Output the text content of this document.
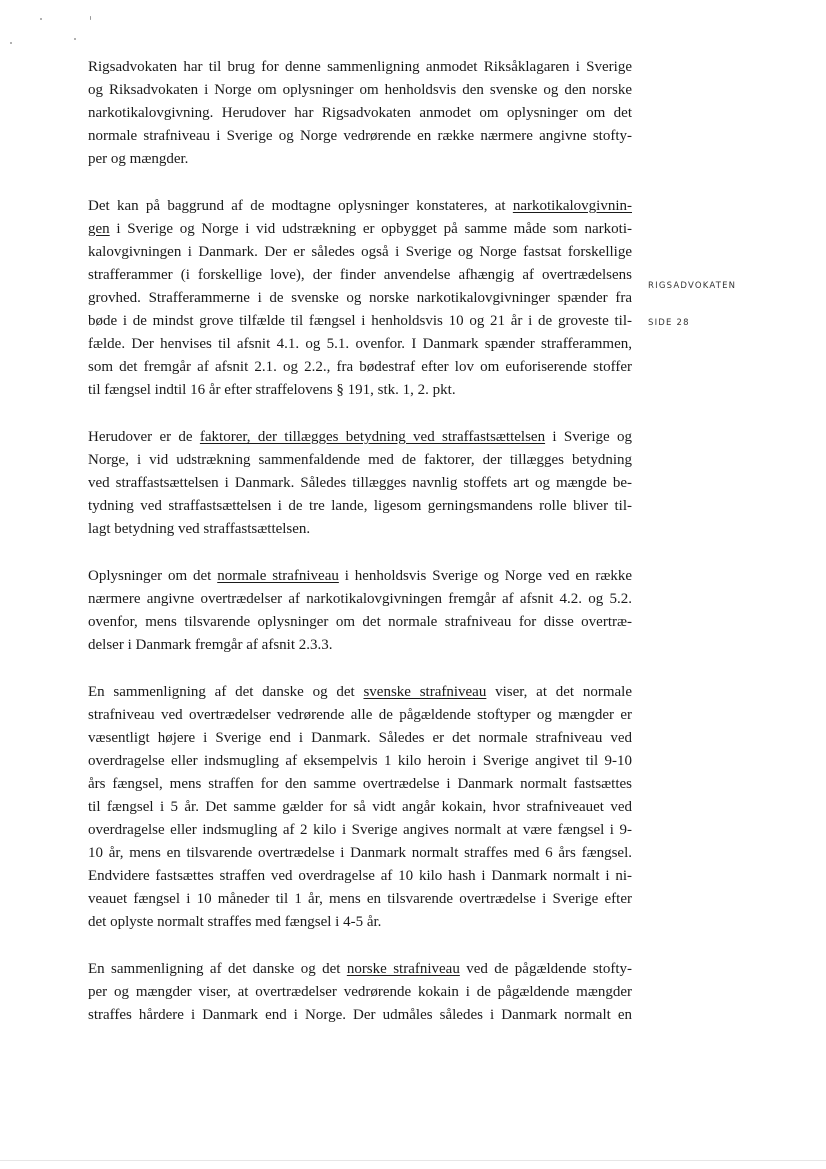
Rigsadvokaten har til brug for denne sammenligning anmodet Riksåklagaren i Sverige
og Riksadvokaten i Norge om oplysninger om henholdsvis den svenske og den norske
narkotikalovgivning. Herudover har Rigsadvokaten anmodet om oplysninger om det
normale strafniveau i Sverige og Norge vedrørende en række nærmere angivne stofty-
per og mængder.

Det kan på baggrund af de modtagne oplysninger konstateres, at narkotikalovgivnin-
gen i Sverige og Norge i vid udstrækning er opbygget på samme måde som narkoti-
kalovgivningen i Danmark. Der er således også i Sverige og Norge fastsat forskellige
strafferammer (i forskellige love), der finder anvendelse afhængig af overtrædelsens
grovhed. Strafferammerne i de svenske og norske narkotikalovgivninger spænder fra
bøde i de mindst grove tilfælde til fængsel i henholdsvis 10 og 21 år i de groveste til-
fælde. Der henvises til afsnit 4.1. og 5.1. ovenfor. I Danmark spænder strafferammen,
som det fremgår af afsnit 2.1. og 2.2., fra bødestraf efter lov om euforiserende stoffer
til fængsel indtil 16 år efter straffelovens § 191, stk. 1, 2. pkt.

Herudover er de faktorer, der tillægges betydning ved straffastsættelsen i Sverige og
Norge, i vid udstrækning sammenfaldende med de faktorer, der tillægges betydning
ved straffastsættelsen i Danmark. Således tillægges navnlig stoffets art og mængde be-
tydning ved straffastsættelsen i de tre lande, ligesom gerningsmandens rolle bliver til-
lagt betydning ved straffastsættelsen.

Oplysninger om det normale strafniveau i henholdsvis Sverige og Norge ved en række
nærmere angivne overtrædelser af narkotikalovgivningen fremgår af afsnit 4.2. og 5.2.
ovenfor, mens tilsvarende oplysninger om det normale strafniveau for disse overtræ-
delser i Danmark fremgår af afsnit 2.3.3.

En sammenligning af det danske og det svenske strafniveau viser, at det normale
strafniveau ved overtrædelser vedrørende alle de pågældende stoftyper og mængder er
væsentligt højere i Sverige end i Danmark. Således er det normale strafniveau ved
overdragelse eller indsmugling af eksempelvis 1 kilo heroin i Sverige angivet til 9-10
års fængsel, mens straffen for den samme overtrædelse i Danmark normalt fastsættes
til fængsel i 5 år. Det samme gælder for så vidt angår kokain, hvor strafniveauet ved
overdragelse eller indsmugling af 2 kilo i Sverige angives normalt at være fængsel i 9-
10 år, mens en tilsvarende overtrædelse i Danmark normalt straffes med 6 års fængsel.
Endvidere fastsættes straffen ved overdragelse af 10 kilo hash i Danmark normalt i ni-
veauet fængsel i 10 måneder til 1 år, mens en tilsvarende overtrædelse i Sverige efter
det oplyste normalt straffes med fængsel i 4-5 år.

En sammenligning af det danske og det norske strafniveau ved de pågældende stofty-
per og mængder viser, at overtrædelser vedrørende kokain i de pågældende mængder
straffes hårdere i Danmark end i Norge. Der udmåles således i Danmark normalt en

RIGSADVOKATEN
SIDE 28
